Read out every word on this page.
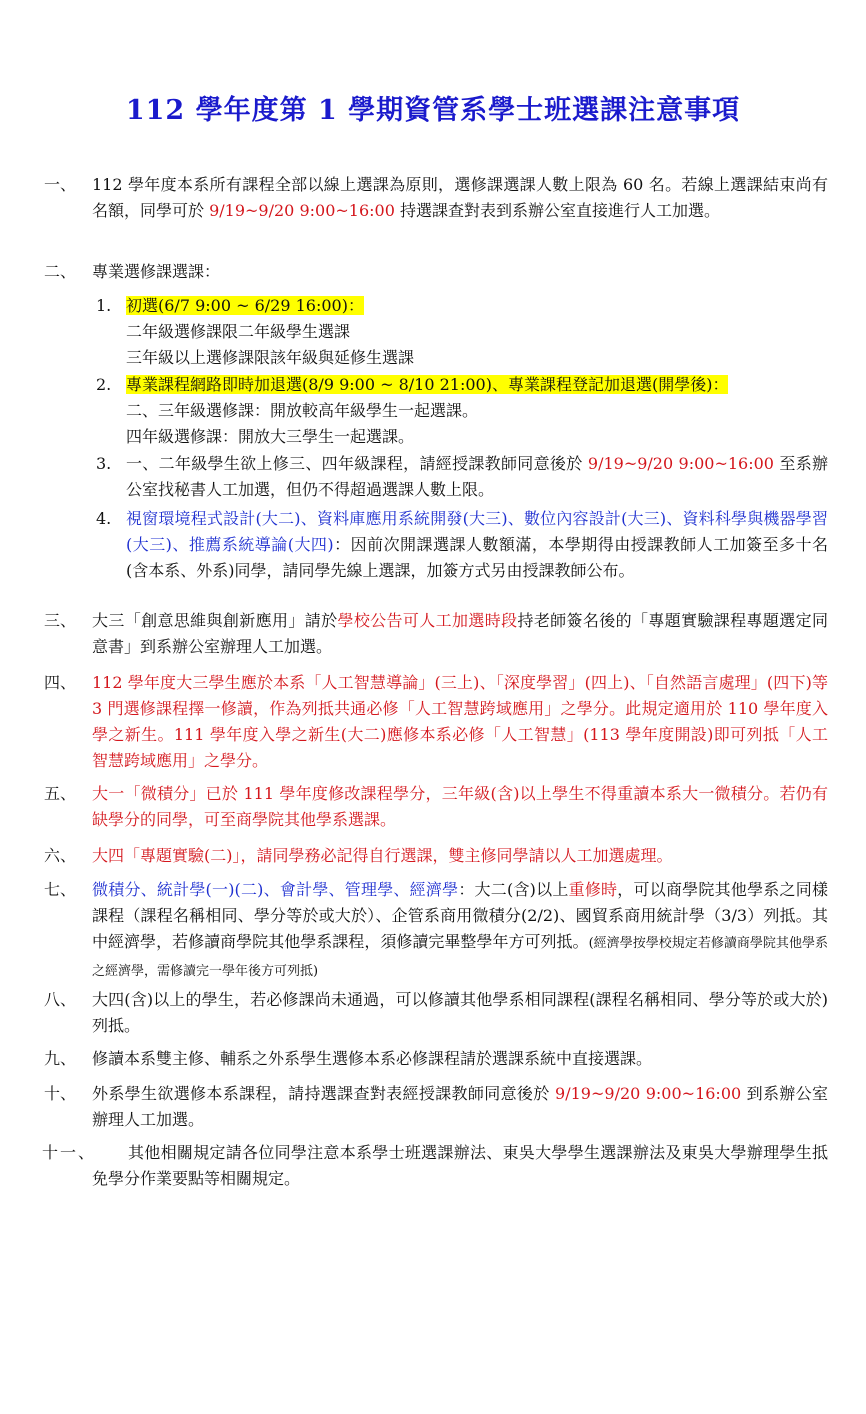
112 學年度第 1 學期資管系學士班選課注意事項
一、 112 學年度本系所有課程全部以線上選課為原則，選修課選課人數上限為 60 名。若線上選課結束尚有名額，同學可於 9/19~9/20 9:00~16:00 持選課查對表到系辦公室直接進行人工加選。
二、 專業選修課選課：
1. 初選(6/7 9:00 ~ 6/29 16:00)：
二年級選修課限二年級學生選課
三年級以上選修課限該年級與延修生選課
2. 專業課程網路即時加退選(8/9 9:00 ~ 8/10 21:00)、專業課程登記加退選(開學後)：
二、三年級選修課：開放較高年級學生一起選課。
四年級選修課：開放大三學生一起選課。
3. 一、二年級學生欲上修三、四年級課程，請經授課教師同意後於 9/19~9/20 9:00~16:00 至系辦公室找秘書人工加選，但仍不得超過選課人數上限。
4. 視窗環境程式設計(大二)、資料庫應用系統開發(大三)、數位內容設計(大三)、資料科學與機器學習(大三)、推薦系統導論(大四)：因前次開課選課人數額滿，本學期得由授課教師人工加簽至多十名(含本系、外系)同學，請同學先線上選課，加簽方式另由授課教師公布。
三、 大三「創意思維與創新應用」請於學校公告可人工加選時段持老師簽名後的「專題實驗課程專題選定同意書」到系辦公室辦理人工加選。
四、 112 學年度大三學生應於本系「人工智慧導論」(三上)、「深度學習」(四上)、「自然語言處理」(四下)等 3 門選修課程擇一修讀，作為列抵共通必修「人工智慧跨域應用」之學分。此規定適用於 110 學年度入學之新生。111 學年度入學之新生(大二)應修本系必修「人工智慧」(113 學年度開設)即可列抵「人工智慧跨域應用」之學分。
五、 大一「微積分」已於 111 學年度修改課程學分，三年級(含)以上學生不得重讀本系大一微積分。若仍有缺學分的同學，可至商學院其他學系選課。
六、 大四「專題實驗(二)」，請同學務必記得自行選課，雙主修同學請以人工加選處理。
七、 微積分、統計學(一)(二)、會計學、管理學、經濟學：大二(含)以上重修時，可以商學院其他學系之同樣課程（課程名稱相同、學分等於或大於）、企管系商用微積分(2/2)、國貿系商用統計學（3/3）列抵。其中經濟學，若修讀商學院其他學系課程，須修讀完畢整學年方可列抵。(經濟學按學校規定若修讀商學院其他學系之經濟學，需修讀完一學年後方可列抵)
八、 大四(含)以上的學生，若必修課尚未通過，可以修讀其他學系相同課程(課程名稱相同、學分等於或大於)列抵。
九、 修讀本系雙主修、輔系之外系學生選修本系必修課程請於選課系統中直接選課。
十、 外系學生欲選修本系課程，請持選課查對表經授課教師同意後於 9/19~9/20 9:00~16:00 到系辦公室辦理人工加選。
十一、	其他相關規定請各位同學注意本系學士班選課辦法、東吳大學學生選課辦法及東吳大學辦理學生抵免學分作業要點等相關規定。
